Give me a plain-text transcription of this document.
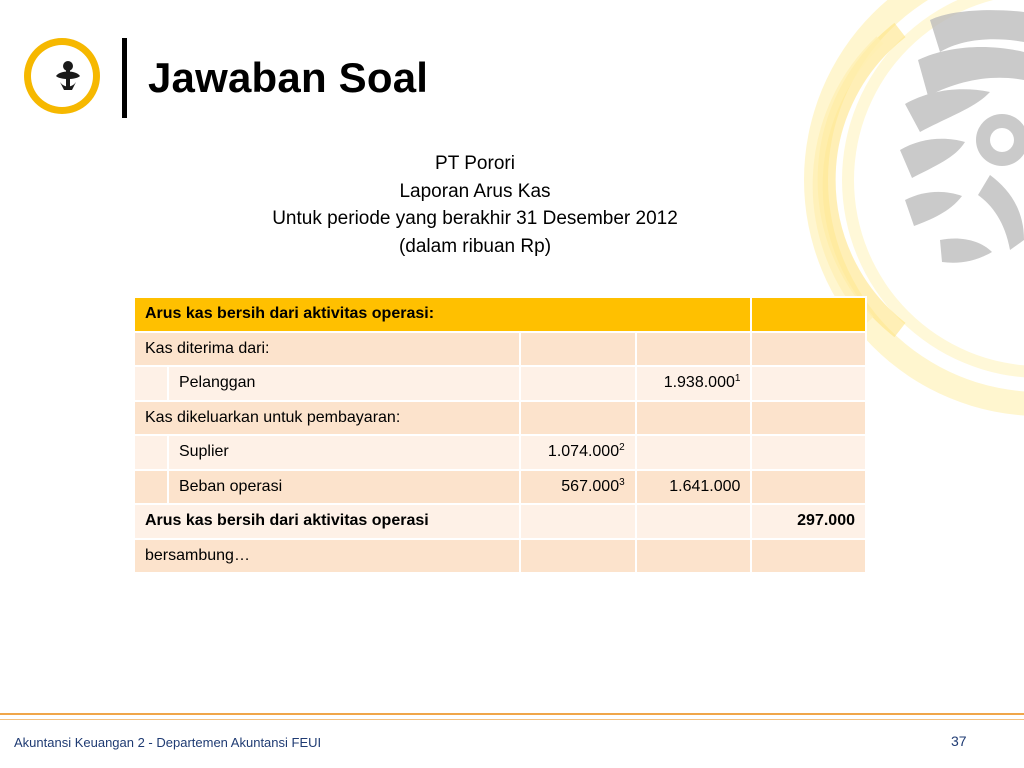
Jawaban Soal
PT Porori
Laporan Arus Kas
Untuk periode yang berakhir 31 Desember 2012
(dalam ribuan Rp)
Arus kas bersih dari aktivitas operasi:				
Kas diterima dari:				
	Pelanggan		1.938.000$^1$	
Kas dikeluarkan untuk pembayaran:				
	Suplier	1.074.000$^2$		
	Beban operasi	567.000$^3$	1.641.000	
Arus kas bersih dari aktivitas operasi				297.000
bersambung…				
Akuntansi Keuangan 2 - Departemen Akuntansi FEUI	37
